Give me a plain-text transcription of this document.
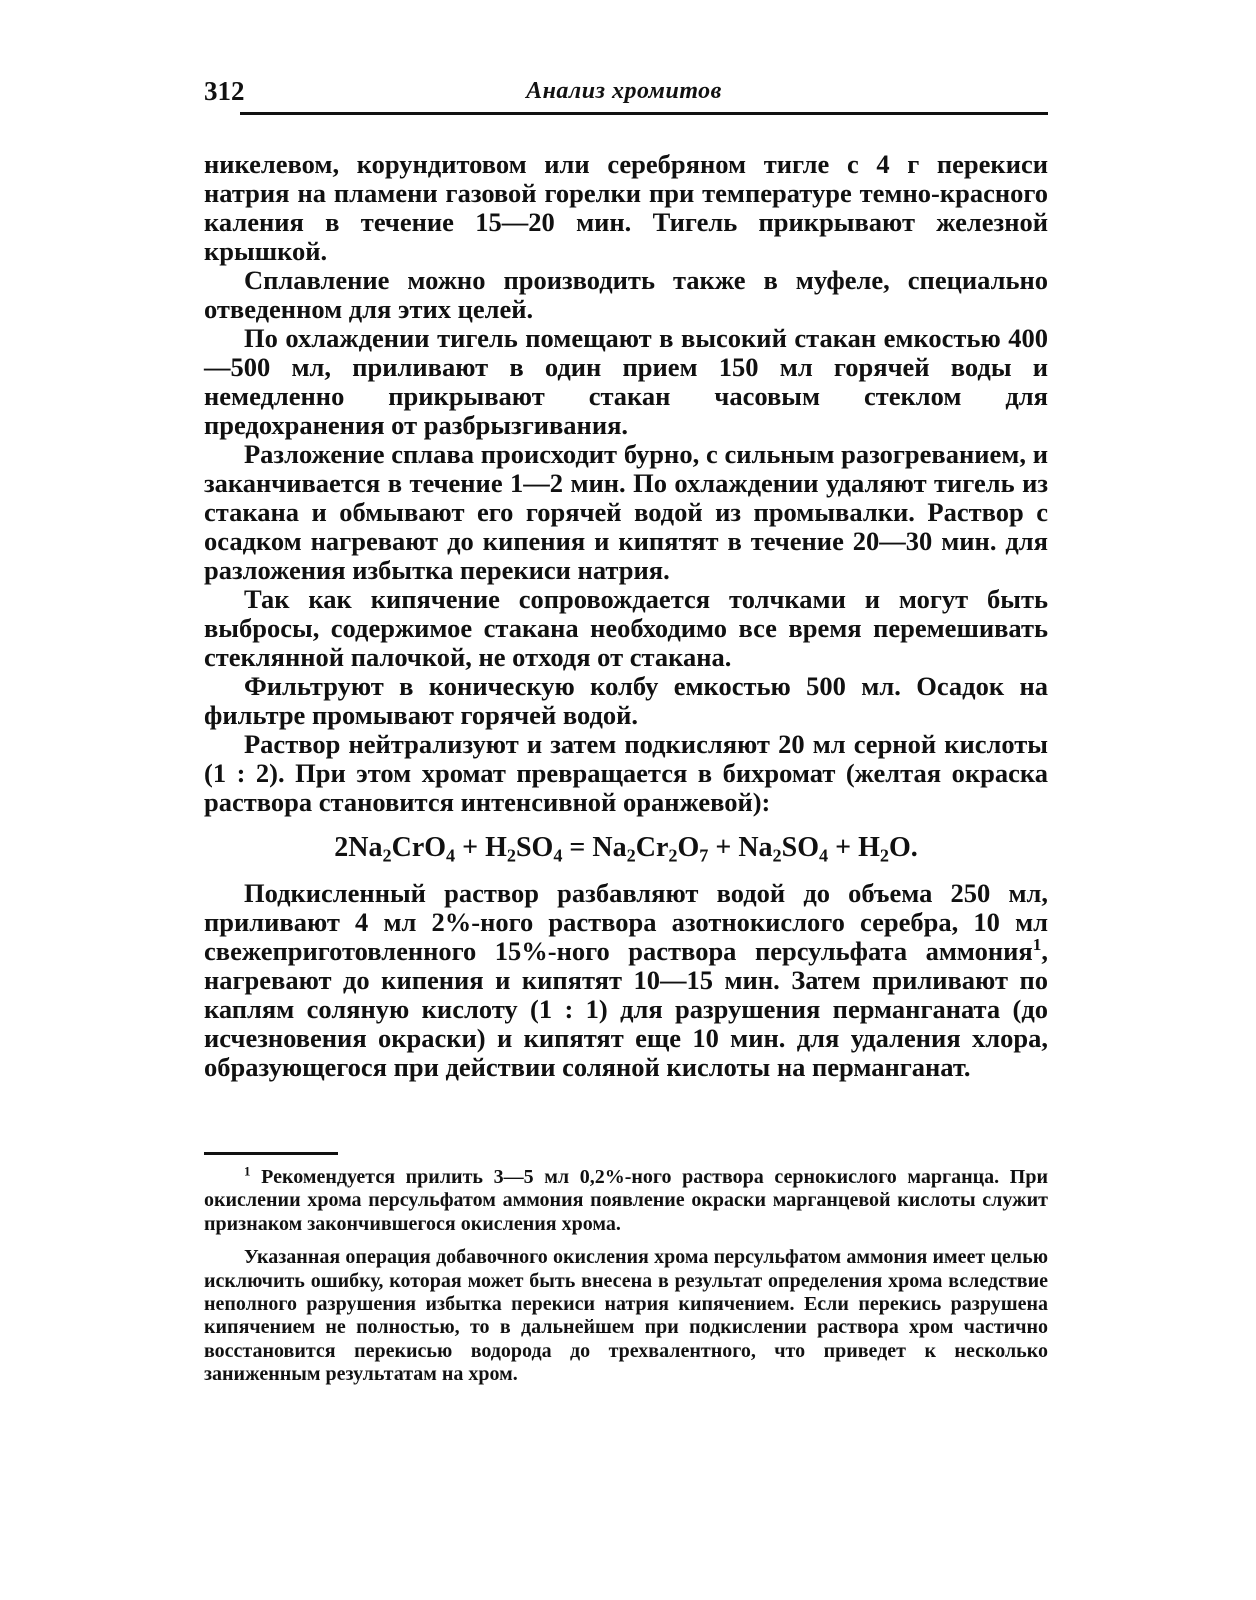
312	Анализ хромитов

никелевом, корундитовом или серебряном тигле с 4 г перекиси натрия на пламени газовой горелки при температуре темно-красного каления в течение 15—20 мин. Тигель прикрывают железной крышкой.

Сплавление можно производить также в муфеле, специально отведенном для этих целей.

По охлаждении тигель помещают в высокий стакан емкостью 400—500 мл, приливают в один прием 150 мл горячей воды и немедленно прикрывают стакан часовым стеклом для предохранения от разбрызгивания.

Разложение сплава происходит бурно, с сильным разогреванием, и заканчивается в течение 1—2 мин. По охлаждении удаляют тигель из стакана и обмывают его горячей водой из промывалки. Раствор с осадком нагревают до кипения и кипятят в течение 20—30 мин. для разложения избытка перекиси натрия.

Так как кипячение сопровождается толчками и могут быть выбросы, содержимое стакана необходимо все время перемешивать стеклянной палочкой, не отходя от стакана.

Фильтруют в коническую колбу емкостью 500 мл. Осадок на фильтре промывают горячей водой.

Раствор нейтрализуют и затем подкисляют 20 мл серной кислоты (1 : 2). При этом хромат превращается в бихромат (желтая окраска раствора становится интенсивной оранжевой):

$2Na_2CrO_4 + H_2SO_4 = Na_2Cr_2O_7 + Na_2SO_4 + H_2O$.

Подкисленный раствор разбавляют водой до объема 250 мл, приливают 4 мл 2%-ного раствора азотнокислого серебра, 10 мл свежеприготовленного 15%-ного раствора персульфата аммония$^1$, нагревают до кипения и кипятят 10—15 мин. Затем приливают по каплям соляную кислоту (1 : 1) для разрушения перманганата (до исчезновения окраски) и кипятят еще 10 мин. для удаления хлора, образующегося при действии соляной кислоты на перманганат.

$^1$ Рекомендуется прилить 3—5 мл 0,2%-ного раствора сернокислого марганца. При окислении хрома персульфатом аммония появление окраски марганцевой кислоты служит признаком закончившегося окисления хрома.

Указанная операция добавочного окисления хрома персульфатом аммония имеет целью исключить ошибку, которая может быть внесена в результат определения хрома вследствие неполного разрушения избытка перекиси натрия кипячением. Если перекись разрушена кипячением не полностью, то в дальнейшем при подкислении раствора хром частично восстановится перекисью водорода до трехвалентного, что приведет к несколько заниженным результатам на хром.
